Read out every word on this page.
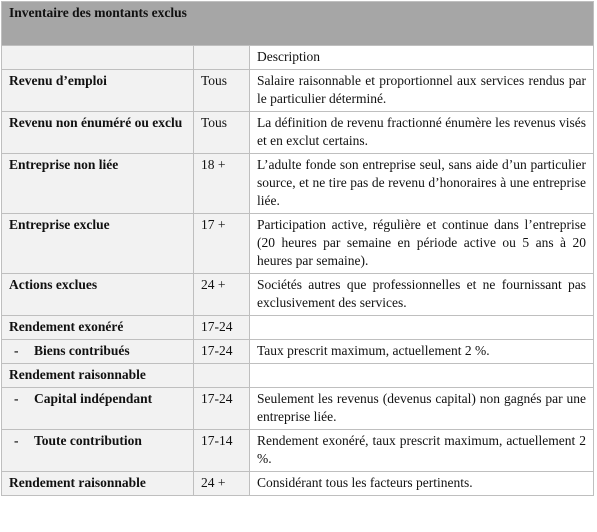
Inventaire des montants exclus		

		Description
Revenu d’emploi	Tous	Salaire raisonnable et proportionnel aux services rendus par le particulier déterminé.
Revenu non énuméré ou exclu	Tous	La définition de revenu fractionné énumère les revenus visés et en exclut certains.
Entreprise non liée	18 +	L’adulte fonde son entreprise seul, sans aide d’un particulier source, et ne tire pas de revenu d’honoraires à une entreprise liée.
Entreprise exclue	17 +	Participation active, régulière et continue dans l’entreprise (20 heures par semaine en période active ou 5 ans à 20 heures par semaine).
Actions exclues	24 +	Sociétés autres que professionnelles et ne fournissant pas exclusivement des services.
Rendement exonéré	17-24	
- Biens contribués	17-24	Taux prescrit maximum, actuellement 2 %.
Rendement raisonnable		
- Capital indépendant	17-24	Seulement les revenus (devenus capital) non gagnés par une entreprise liée.
- Toute contribution	17-14	Rendement exonéré, taux prescrit maximum, actuellement 2 %.
Rendement raisonnable	24 +	Considérant tous les facteurs pertinents.
